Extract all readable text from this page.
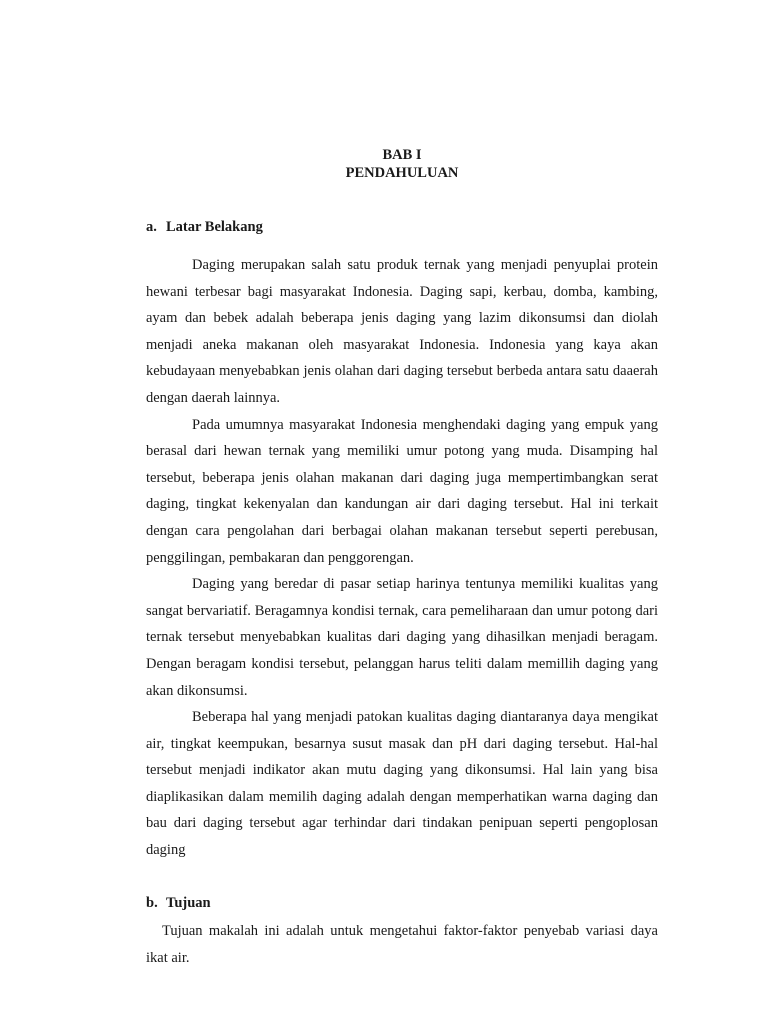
BAB I
PENDAHULUAN
a. Latar Belakang

Daging merupakan salah satu produk ternak yang menjadi penyuplai protein hewani terbesar bagi masyarakat Indonesia. Daging sapi, kerbau, domba, kambing, ayam dan bebek adalah beberapa jenis daging yang lazim dikonsumsi dan diolah menjadi aneka makanan oleh masyarakat Indonesia. Indonesia yang kaya akan kebudayaan menyebabkan jenis olahan dari daging tersebut berbeda antara satu daaerah dengan daerah lainnya.

Pada umumnya masyarakat Indonesia menghendaki daging yang empuk yang berasal dari hewan ternak yang memiliki umur potong yang muda. Disamping hal tersebut, beberapa jenis olahan makanan dari daging juga mempertimbangkan serat daging, tingkat kekenyalan dan kandungan air dari daging tersebut. Hal ini terkait dengan cara pengolahan dari berbagai olahan makanan tersebut seperti perebusan, penggilingan, pembakaran dan penggorengan.

Daging yang beredar di pasar setiap harinya tentunya memiliki kualitas yang sangat bervariatif. Beragamnya kondisi ternak, cara pemeliharaan dan umur potong dari ternak tersebut menyebabkan kualitas dari daging yang dihasilkan menjadi beragam. Dengan beragam kondisi tersebut, pelanggan harus teliti dalam memillih daging yang akan dikonsumsi.

Beberapa hal yang menjadi patokan kualitas daging diantaranya daya mengikat air, tingkat keempukan, besarnya susut masak dan pH dari daging tersebut. Hal-hal tersebut menjadi indikator akan mutu daging yang dikonsumsi. Hal lain yang bisa diaplikasikan dalam memilih daging adalah dengan memperhatikan warna daging dan bau dari daging tersebut agar terhindar dari tindakan penipuan seperti pengoplosan daging

b. Tujuan

Tujuan makalah ini adalah untuk mengetahui faktor-faktor penyebab variasi daya ikat air.
